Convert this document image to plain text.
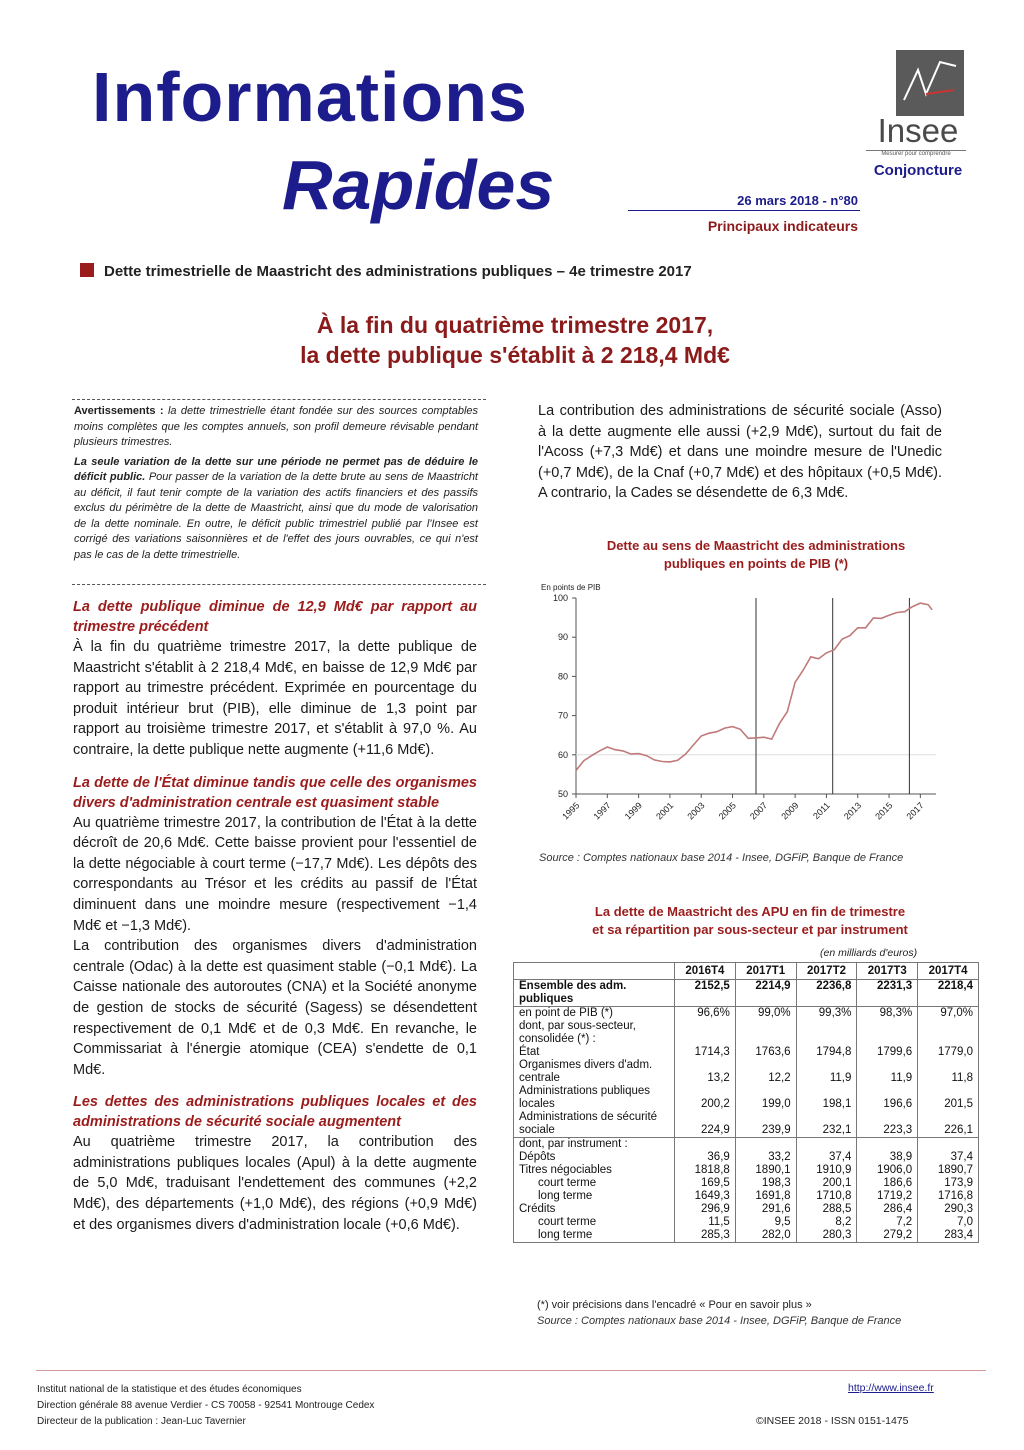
Informations
Rapides	26 mars 2018 - n°80
Principaux indicateurs
Insee
Mesurer pour comprendre
Conjoncture
Dette trimestrielle de Maastricht des administrations publiques – 4e trimestre 2017
À la fin du quatrième trimestre 2017,
la dette publique s'établit à 2 218,4 Md€

Avertissements : la dette trimestrielle étant fondée sur des sources comptables moins complètes que les comptes annuels, son profil demeure révisable pendant plusieurs trimestres.

La seule variation de la dette sur une période ne permet pas de déduire le déficit public. Pour passer de la variation de la dette brute au sens de Maastricht au déficit, il faut tenir compte de la variation des actifs financiers et des passifs exclus du périmètre de la dette de Maastricht, ainsi que du mode de valorisation de la dette nominale. En outre, le déficit public trimestriel publié par l'Insee est corrigé des variations saisonnières et de l'effet des jours ouvrables, ce qui n'est pas le cas de la dette trimestrielle.

La dette publique diminue de 12,9 Md€ par rapport au trimestre précédent
À la fin du quatrième trimestre 2017, la dette publique de Maastricht s'établit à 2 218,4 Md€, en baisse de 12,9 Md€ par rapport au trimestre précédent. Exprimée en pourcentage du produit intérieur brut (PIB), elle diminue de 1,3 point par rapport au troisième trimestre 2017, et s'établit à 97,0 %. Au contraire, la dette publique nette augmente (+11,6 Md€).
La dette de l'État diminue tandis que celle des organismes divers d'administration centrale est quasiment stable
Au quatrième trimestre 2017, la contribution de l'État à la dette décroît de 20,6 Md€. Cette baisse provient pour l'essentiel de la dette négociable à court terme (−17,7 Md€). Les dépôts des correspondants au Trésor et les crédits au passif de l'État diminuent dans une moindre mesure (respectivement −1,4 Md€ et −1,3 Md€).
La contribution des organismes divers d'administration centrale (Odac) à la dette est quasiment stable (−0,1 Md€). La Caisse nationale des autoroutes (CNA) et la Société anonyme de gestion de stocks de sécurité (Sagess) se désendettent respectivement de 0,1 Md€ et de 0,3 Md€. En revanche, le Commissariat à l'énergie atomique (CEA) s'endette de 0,1 Md€.
Les dettes des administrations publiques locales et des administrations de sécurité sociale augmentent
Au quatrième trimestre 2017, la contribution des administrations publiques locales (Apul) à la dette augmente de 5,0 Md€, traduisant l'endettement des communes (+2,2 Md€), des départements (+1,0 Md€), des régions (+0,9 Md€) et des organismes divers d'administration locale (+0,6 Md€).
La contribution des administrations de sécurité sociale (Asso) à la dette augmente elle aussi (+2,9 Md€), surtout du fait de l'Acoss (+7,3 Md€) et dans une moindre mesure de l'Unedic (+0,7 Md€), de la Cnaf (+0,7 Md€) et des hôpitaux (+0,5 Md€). A contrario, la Cades se désendette de 6,3 Md€.
Dette au sens de Maastricht des administrations
publiques en points de PIB (*)
En points de PIB
50
60
70
80
90
100
1995 1997 1999 2001 2003 2005 2007 2009 2011 2013 2015 2017
Source : Comptes nationaux base 2014 - Insee, DGFiP, Banque de France
La dette de Maastricht des APU en fin de trimestre
et sa répartition par sous-secteur et par instrument
(en milliards d'euros)
	2016T4	2017T1	2017T2	2017T3	2017T4
Ensemble des adm. publiques	2152,5	2214,9	2236,8	2231,3	2218,4
en point de PIB (*)	96,6%	99,0%	99,3%	98,3%	97,0%
dont, par sous-secteur, consolidée (*) :					
État	1714,3	1763,6	1794,8	1799,6	1779,0
Organismes divers d'adm. centrale	13,2	12,2	11,9	11,9	11,8
Administrations publiques locales	200,2	199,0	198,1	196,6	201,5
Administrations de sécurité sociale	224,9	239,9	232,1	223,3	226,1
dont, par instrument :					
Dépôts	36,9	33,2	37,4	38,9	37,4
Titres négociables	1818,8	1890,1	1910,9	1906,0	1890,7
court terme	169,5	198,3	200,1	186,6	173,9
long terme	1649,3	1691,8	1710,8	1719,2	1716,8
Crédits	296,9	291,6	288,5	286,4	290,3
court terme	11,5	9,5	8,2	7,2	7,0
long terme	285,3	282,0	280,3	279,2	283,4
(*) voir précisions dans l'encadré « Pour en savoir plus »
Source : Comptes nationaux base 2014 - Insee, DGFiP, Banque de France
Institut national de la statistique et des études économiques
Direction générale 88 avenue Verdier - CS 70058 - 92541 Montrouge Cedex
Directeur de la publication : Jean-Luc Tavernier
http://www.insee.fr
©INSEE 2018 - ISSN 0151-1475
